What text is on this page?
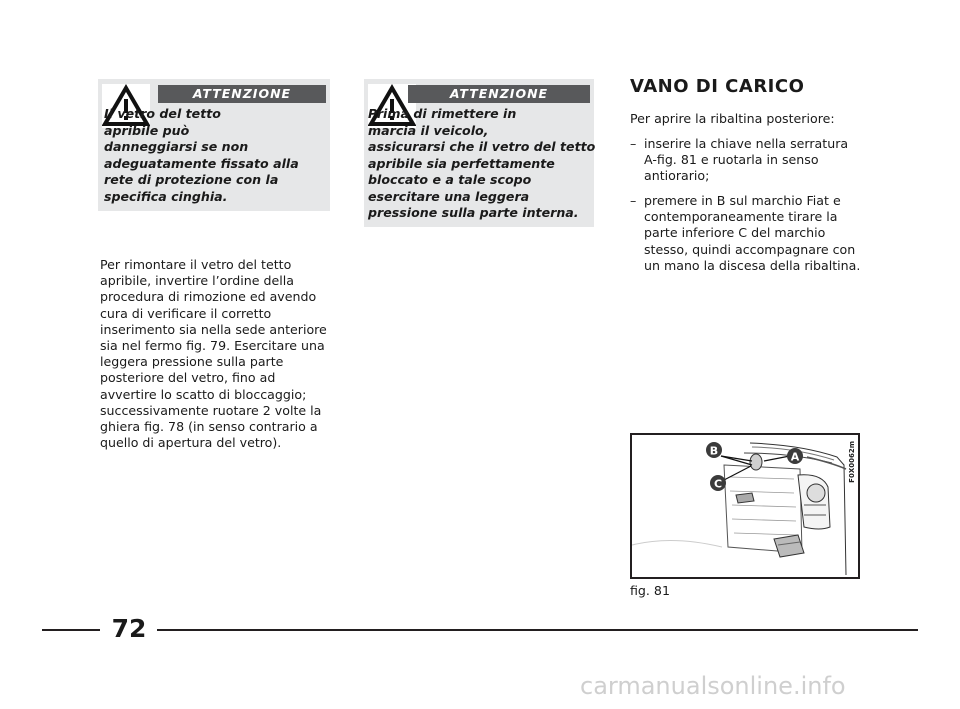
ATTENZIONE
Il vetro del tetto
apribile può
danneggiarsi se non
adeguatamente fissato alla
rete di protezione con la
specifica cinghia.
ATTENZIONE
Prima di rimettere in
marcia il veicolo,
assicurarsi che il vetro del tetto
apribile sia perfettamente
bloccato e a tale scopo
esercitare una leggera
pressione sulla parte interna.
Per rimontare il vetro del tetto
apribile, invertire l’ordine della
procedura di rimozione ed avendo
cura di verificare il corretto
inserimento sia nella sede anteriore
sia nel fermo fig. 79. Esercitare una
leggera pressione sulla parte
posteriore del vetro, fino ad
avvertire lo scatto di bloccaggio;
successivamente ruotare 2 volte la
ghiera fig. 78 (in senso contrario a
quello di apertura del vetro).
VANO DI CARICO
Per aprire la ribaltina posteriore:
– inserire la chiave nella serratura
A-fig. 81 e ruotarla in senso
antiorario;
– premere in B sul marchio Fiat e
contemporaneamente tirare la
parte inferiore C del marchio
stesso, quindi accompagnare con
un mano la discesa della ribaltina.
B
C
A	F0X0062m
fig. 81
72
carmanualsonline.info
